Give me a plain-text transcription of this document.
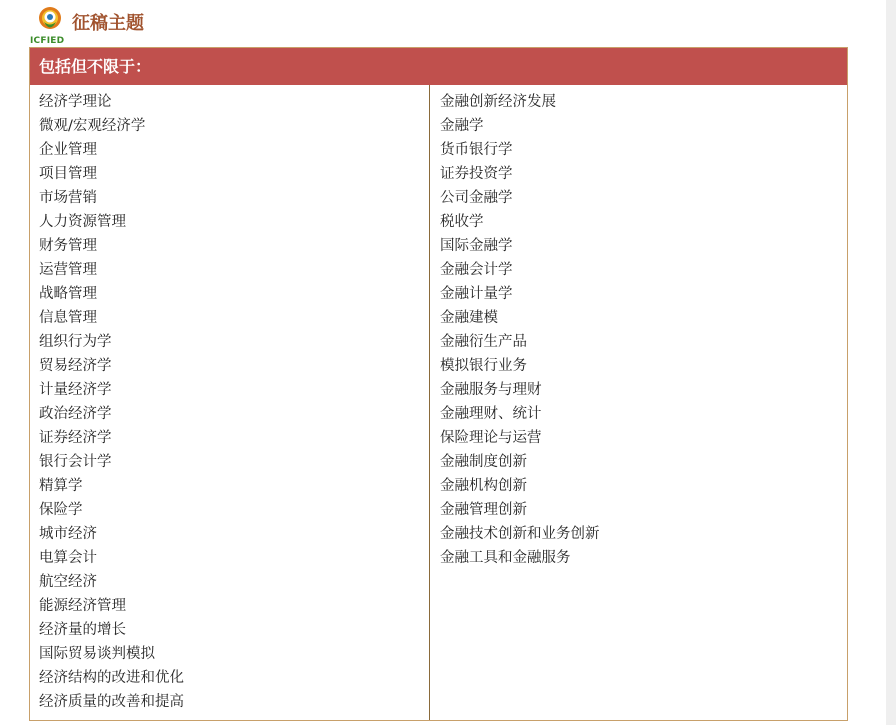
ICFIED
征稿主题
包括但不限于：
经济学理论
微观/宏观经济学
企业管理
项目管理
市场营销
人力资源管理
财务管理
运营管理
战略管理
信息管理
组织行为学
贸易经济学
计量经济学
政治经济学
证券经济学
银行会计学
精算学
保险学
城市经济
电算会计
航空经济
能源经济管理
经济量的增长
国际贸易谈判模拟
经济结构的改进和优化
经济质量的改善和提高
金融创新经济发展
金融学
货币银行学
证券投资学
公司金融学
税收学
国际金融学
金融会计学
金融计量学
金融建模
金融衍生产品
模拟银行业务
金融服务与理财
金融理财、统计
保险理论与运营
金融制度创新
金融机构创新
金融管理创新
金融技术创新和业务创新
金融工具和金融服务
